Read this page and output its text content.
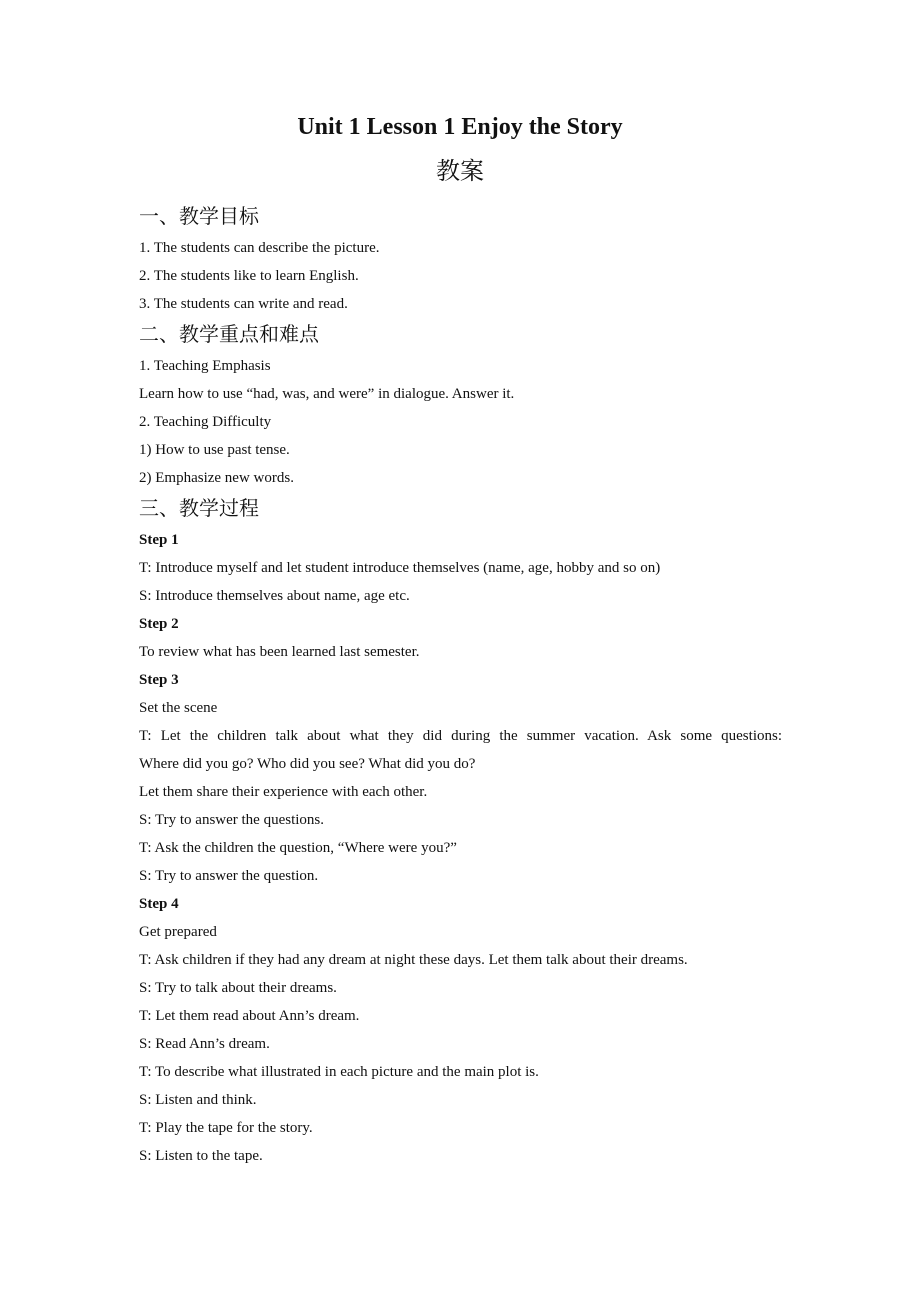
Unit 1 Lesson 1 Enjoy the Story
教案
一、教学目标

1. The students can describe the picture.

2. The students like to learn English.

3. The students can write and read.

二、教学重点和难点

1. Teaching Emphasis

Learn how to use “had, was, and were” in dialogue. Answer it.

2. Teaching Difficulty

1) How to use past tense.

2) Emphasize new words.

三、教学过程

Step 1

T: Introduce myself and let student introduce themselves (name, age, hobby and so on)

S: Introduce themselves about name, age etc.

Step 2

To review what has been learned last semester.

Step 3

Set the scene

T: Let the children talk about what they did during the summer vacation. Ask some questions:

Where did you go? Who did you see? What did you do?

Let them share their experience with each other.

S: Try to answer the questions.

T: Ask the children the question, “Where were you?”

S: Try to answer the question.

Step 4

Get prepared

T: Ask children if they had any dream at night these days. Let them talk about their dreams.

S: Try to talk about their dreams.

T: Let them read about Ann’s dream.

S: Read Ann’s dream.

T: To describe what illustrated in each picture and the main plot is.

S: Listen and think.

T: Play the tape for the story.

S: Listen to the tape.
